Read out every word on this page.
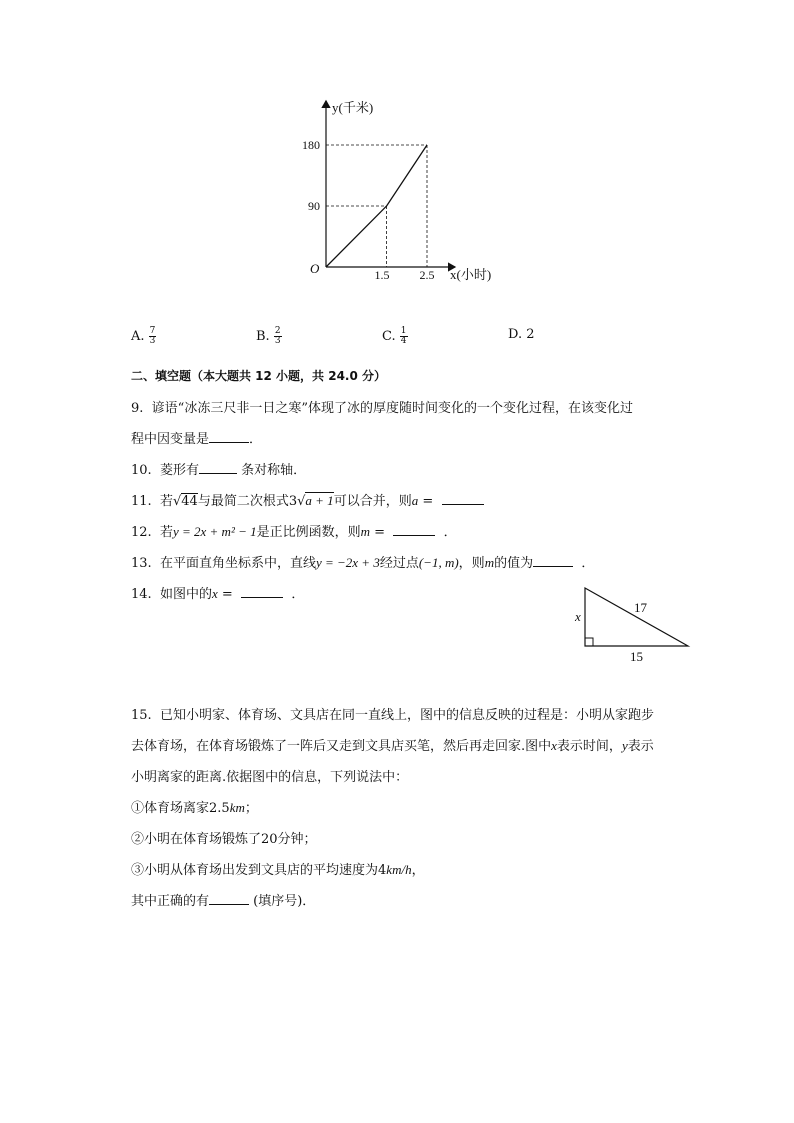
y(千米)
x(小时)
O
180
90
1.5	2.5
A. $\frac{7}{3}$	B. $\frac{2}{3}$	C. $\frac{1}{4}$	D. 2
二、填空题（本大题共 12 小题，共 24.0 分）
9. 谚语“冰冻三尺非一日之寒”体现了冰的厚度随时间变化的一个变化过程，在该变化过
程中因变量是	．
10. 菱形有	条对称轴．
11. 若√44与最简二次根式3√a + 1可以合并，则a =
12. 若y = 2x + m² − 1是正比例函数，则m =	．
13. 在平面直角坐标系中，直线y = −2x + 3经过点(−1, m)，则m的值为	．
14. 如图中的x =	．
x
17
15
15. 已知小明家、体育场、文具店在同一直线上，图中的信息反映的过程是：小明从家跑步
去体育场，在体育场锻炼了一阵后又走到文具店买笔，然后再走回家.图中x表示时间，y表示
小明离家的距离.依据图中的信息，下列说法中：
①体育场离家2.5km；
②小明在体育场锻炼了20分钟；
③小明从体育场出发到文具店的平均速度为4km/h，
其中正确的有	(填序号)．
